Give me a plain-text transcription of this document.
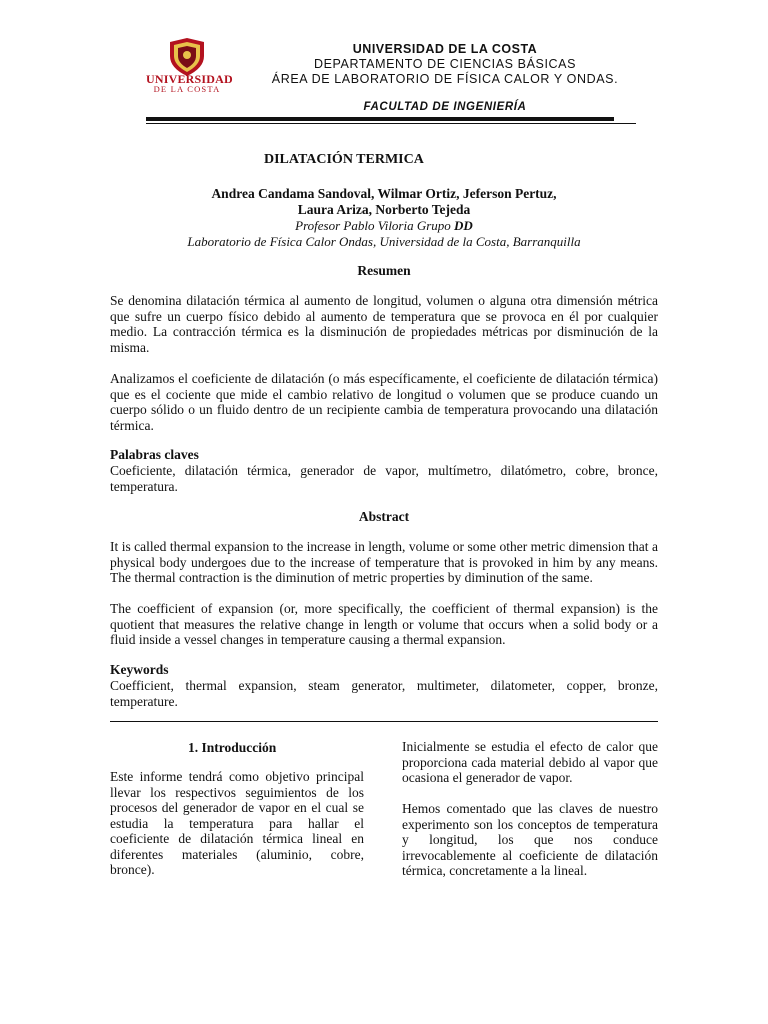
UNIVERSIDAD
DE LA COSTA
UNIVERSIDAD DE LA COSTA
DEPARTAMENTO DE CIENCIAS BÁSICAS
ÁREA DE LABORATORIO DE FÍSICA CALOR Y ONDAS.
FACULTAD DE INGENIERÍA
DILATACIÓN TERMICA
Andrea Candama Sandoval, Wilmar Ortiz, Jeferson Pertuz,
Laura Ariza, Norberto Tejeda
Profesor Pablo Viloria Grupo DD
Laboratorio de Física Calor Ondas, Universidad de la Costa, Barranquilla
Resumen

Se denomina dilatación térmica al aumento de longitud, volumen o alguna otra dimensión métrica que sufre un cuerpo físico debido al aumento de temperatura que se provoca en él por cualquier medio. La contracción térmica es la disminución de propiedades métricas por disminución de la misma.

Analizamos el coeficiente de dilatación (o más específicamente, el coeficiente de dilatación térmica) que es el cociente que mide el cambio relativo de longitud o volumen que se produce cuando un cuerpo sólido o un fluido dentro de un recipiente cambia de temperatura provocando una dilatación térmica.

Palabras claves

Coeficiente, dilatación térmica, generador de vapor, multímetro, dilatómetro, cobre, bronce, temperatura.

Abstract

It is called thermal expansion to the increase in length, volume or some other metric dimension that a physical body undergoes due to the increase of temperature that is provoked in him by any means. The thermal contraction is the diminution of metric properties by diminution of the same.

The coefficient of expansion (or, more specifically, the coefficient of thermal expansion) is the quotient that measures the relative change in length or volume that occurs when a solid body or a fluid inside a vessel changes in temperature causing a thermal expansion.

Keywords

Coefficient, thermal expansion, steam generator, multimeter, dilatometer, copper, bronze, temperature.

1. Introducción

Este informe tendrá como objetivo principal llevar los respectivos seguimientos de los procesos del generador de vapor en el cual se estudia la temperatura para hallar el coeficiente de dilatación térmica lineal en diferentes materiales (aluminio, cobre, bronce).

Inicialmente se estudia el efecto de calor que proporciona cada material debido al vapor que ocasiona el generador de vapor.

Hemos comentado que las claves de nuestro experimento son los conceptos de temperatura y longitud, los que nos conduce irrevocablemente al coeficiente de dilatación térmica, concretamente a la lineal.
